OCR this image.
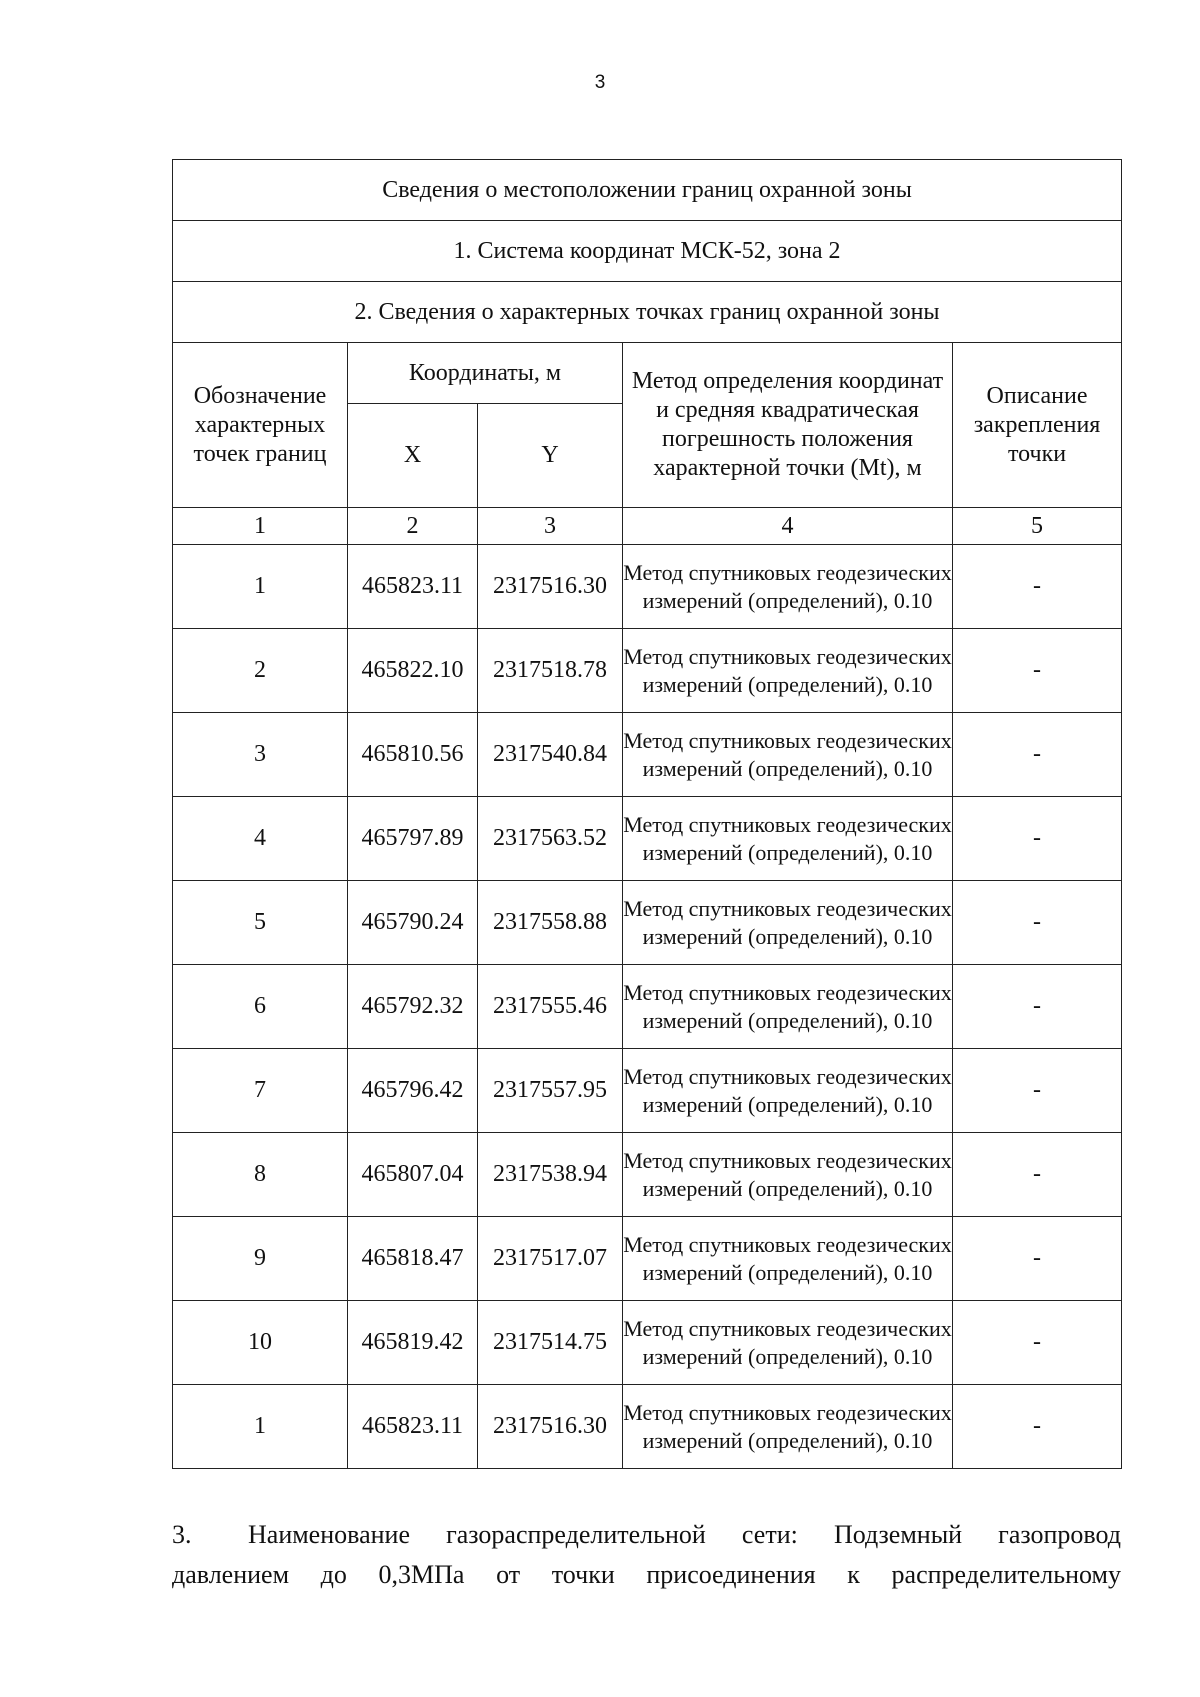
3
Сведения о местоположении границ охранной зоны				
1. Система координат МСК-52, зона 2				
2. Сведения о характерных точках границ охранной зоны				
Обозначение характерных точек границ	Координаты, м		Метод определения координат и средняя квадратическая погрешность положения характерной точки (Mt), м	Описание закрепления точки
	X	Y		
1	2	3	4	5
1	465823.11	2317516.30	Метод спутниковых геодезических измерений (определений), 0.10	-
2	465822.10	2317518.78	Метод спутниковых геодезических измерений (определений), 0.10	-
3	465810.56	2317540.84	Метод спутниковых геодезических измерений (определений), 0.10	-
4	465797.89	2317563.52	Метод спутниковых геодезических измерений (определений), 0.10	-
5	465790.24	2317558.88	Метод спутниковых геодезических измерений (определений), 0.10	-
6	465792.32	2317555.46	Метод спутниковых геодезических измерений (определений), 0.10	-
7	465796.42	2317557.95	Метод спутниковых геодезических измерений (определений), 0.10	-
8	465807.04	2317538.94	Метод спутниковых геодезических измерений (определений), 0.10	-
9	465818.47	2317517.07	Метод спутниковых геодезических измерений (определений), 0.10	-
10	465819.42	2317514.75	Метод спутниковых геодезических измерений (определений), 0.10	-
1	465823.11	2317516.30	Метод спутниковых геодезических измерений (определений), 0.10	-
3. Наименование газораспределительной сети: Подземный газопровод
давлением до 0,3МПа от точки присоединения к распределительному
